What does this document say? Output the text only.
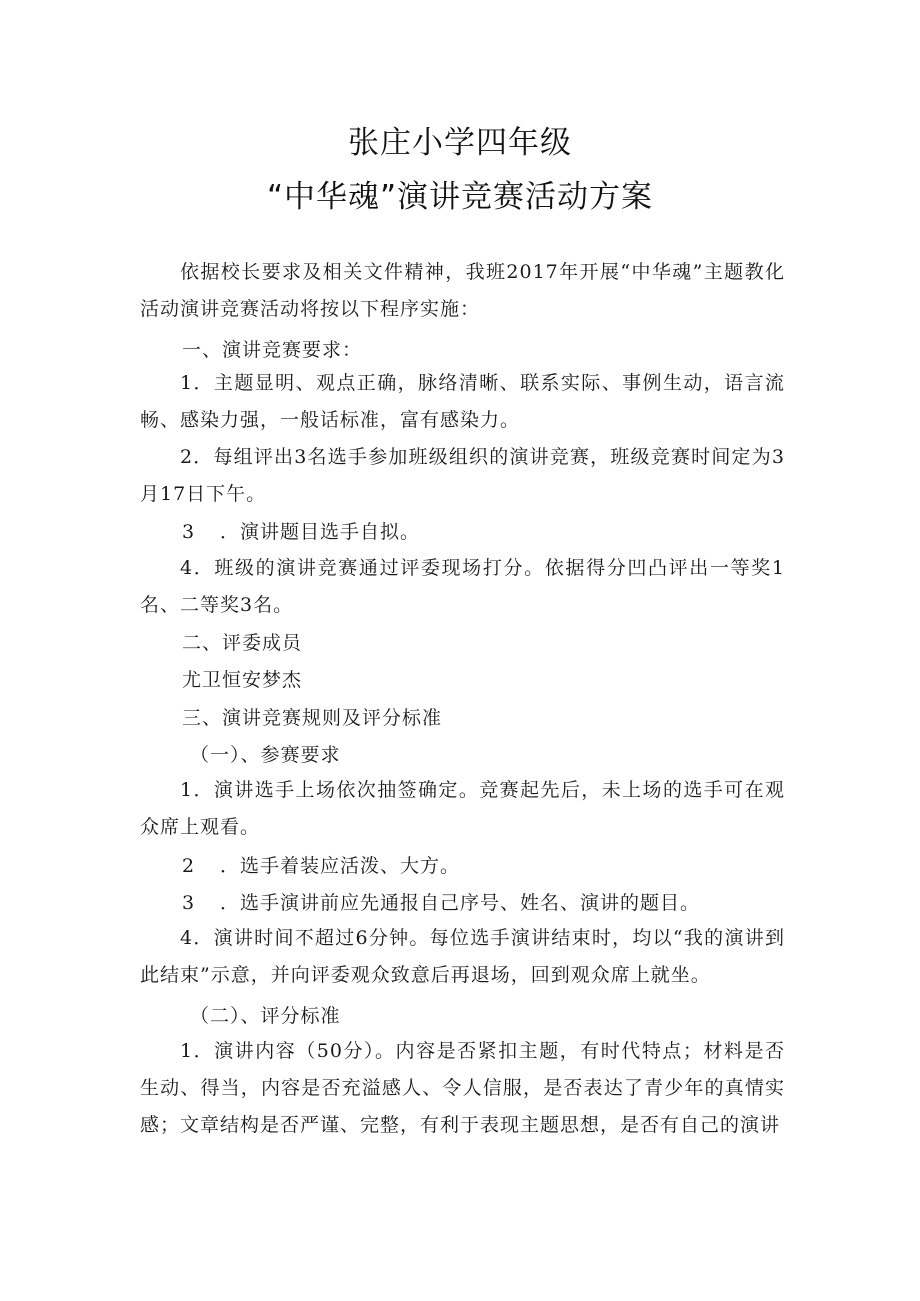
张庄小学四年级
“中华魂”演讲竞赛活动方案
依据校长要求及相关文件精神，我班2017年开展“中华魂”主题教化活动演讲竞赛活动将按以下程序实施：
一、演讲竞赛要求：
1．主题显明、观点正确，脉络清晰、联系实际、事例生动，语言流畅、感染力强，一般话标准，富有感染力。
2．每组评出3名选手参加班级组织的演讲竞赛，班级竞赛时间定为3月17日下午。
3 ．演讲题目选手自拟。
4．班级的演讲竞赛通过评委现场打分。依据得分凹凸评出一等奖1名、二等奖3名。
二、评委成员
尤卫恒安梦杰
三、演讲竞赛规则及评分标准
（一）、参赛要求
1．演讲选手上场依次抽签确定。竞赛起先后，未上场的选手可在观众席上观看。
2 ．选手着装应活泼、大方。
3 ．选手演讲前应先通报自己序号、姓名、演讲的题目。
4．演讲时间不超过6分钟。每位选手演讲结束时，均以“我的演讲到此结束”示意，并向评委观众致意后再退场，回到观众席上就坐。
（二）、评分标准
1．演讲内容（50分）。内容是否紧扣主题，有时代特点；材料是否生动、得当，内容是否充溢感人、令人信服，是否表达了青少年的真情实感；文章结构是否严谨、完整，有利于表现主题思想，是否有自己的演讲
